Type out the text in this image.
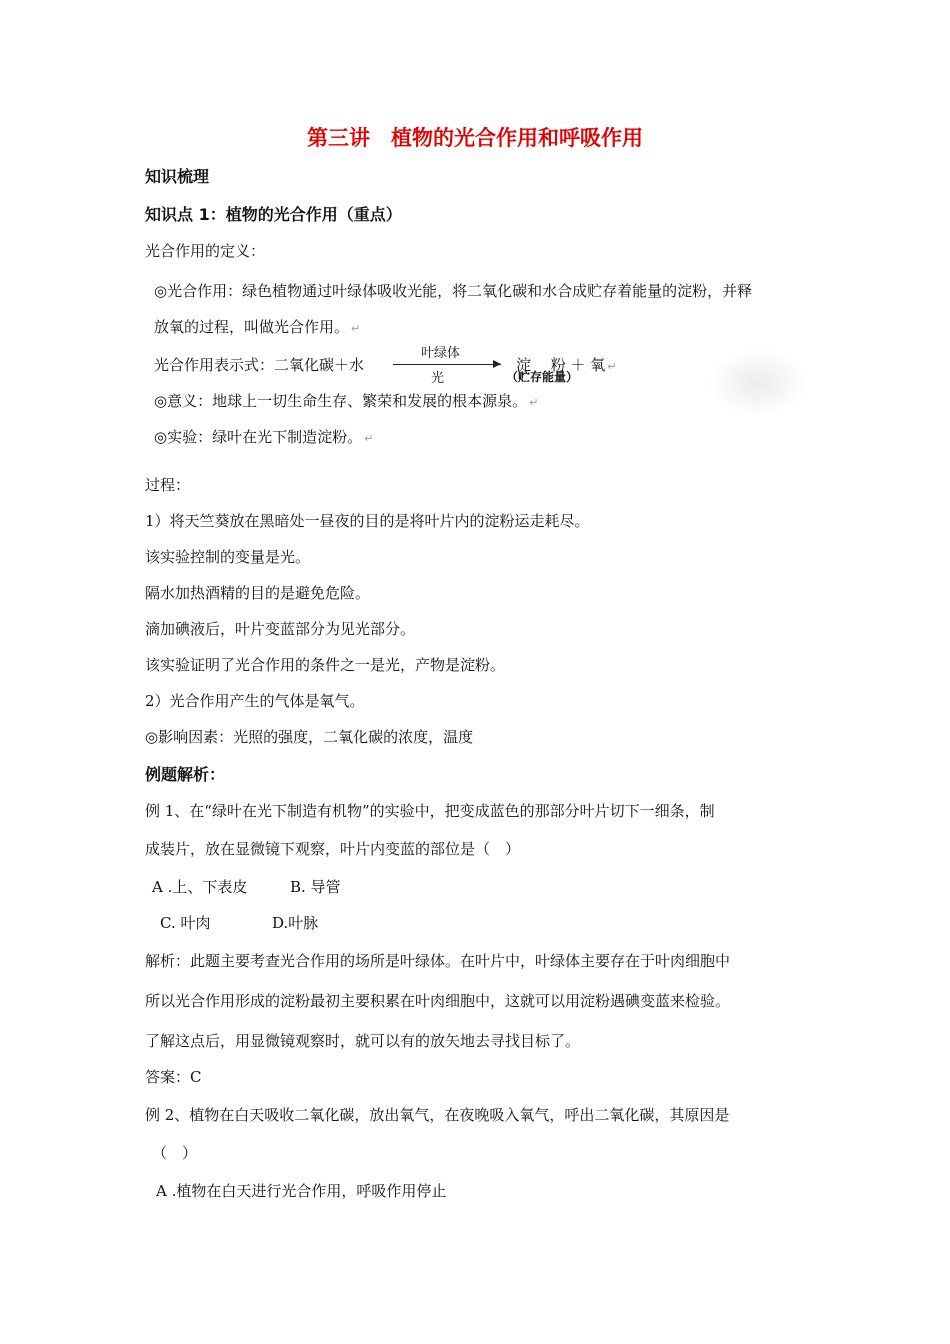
第三讲　植物的光合作用和呼吸作用
知识梳理
知识点 1：植物的光合作用（重点）
光合作用的定义：
◎光合作用：绿色植物通过叶绿体吸收光能，将二氧化碳和水合成贮存着能量的淀粉，并释
放氧的过程，叫做光合作用。 ↵
光合作用表示式：二氧化碳＋水
叶绿体
光
淀　 粉 ＋ 氧 ↵
（贮存能量）
◎意义：地球上一切生命生存、繁荣和发展的根本源泉。 ↵
◎实验：绿叶在光下制造淀粉。 ↵
过程：
1）将天竺葵放在黑暗处一昼夜的目的是将叶片内的淀粉运走耗尽。
该实验控制的变量是光。
隔水加热酒精的目的是避免危险。
滴加碘液后，叶片变蓝部分为见光部分。
该实验证明了光合作用的条件之一是光，产物是淀粉。
2）光合作用产生的气体是氧气。
◎影响因素：光照的强度，二氧化碳的浓度，温度
例题解析：
例 1、在“绿叶在光下制造有机物”的实验中，把变成蓝色的那部分叶片切下一细条，制
成装片，放在显微镜下观察，叶片内变蓝的部位是（　）
A .上、下表皮	B. 导管
C. 叶肉	D.叶脉
解析：此题主要考查光合作用的场所是叶绿体。在叶片中，叶绿体主要存在于叶肉细胞中
所以光合作用形成的淀粉最初主要积累在叶肉细胞中，这就可以用淀粉遇碘变蓝来检验。
了解这点后，用显微镜观察时，就可以有的放矢地去寻找目标了。
答案：C
例 2、植物在白天吸收二氧化碳，放出氧气，在夜晚吸入氧气，呼出二氧化碳，其原因是
（　）
A .植物在白天进行光合作用，呼吸作用停止
